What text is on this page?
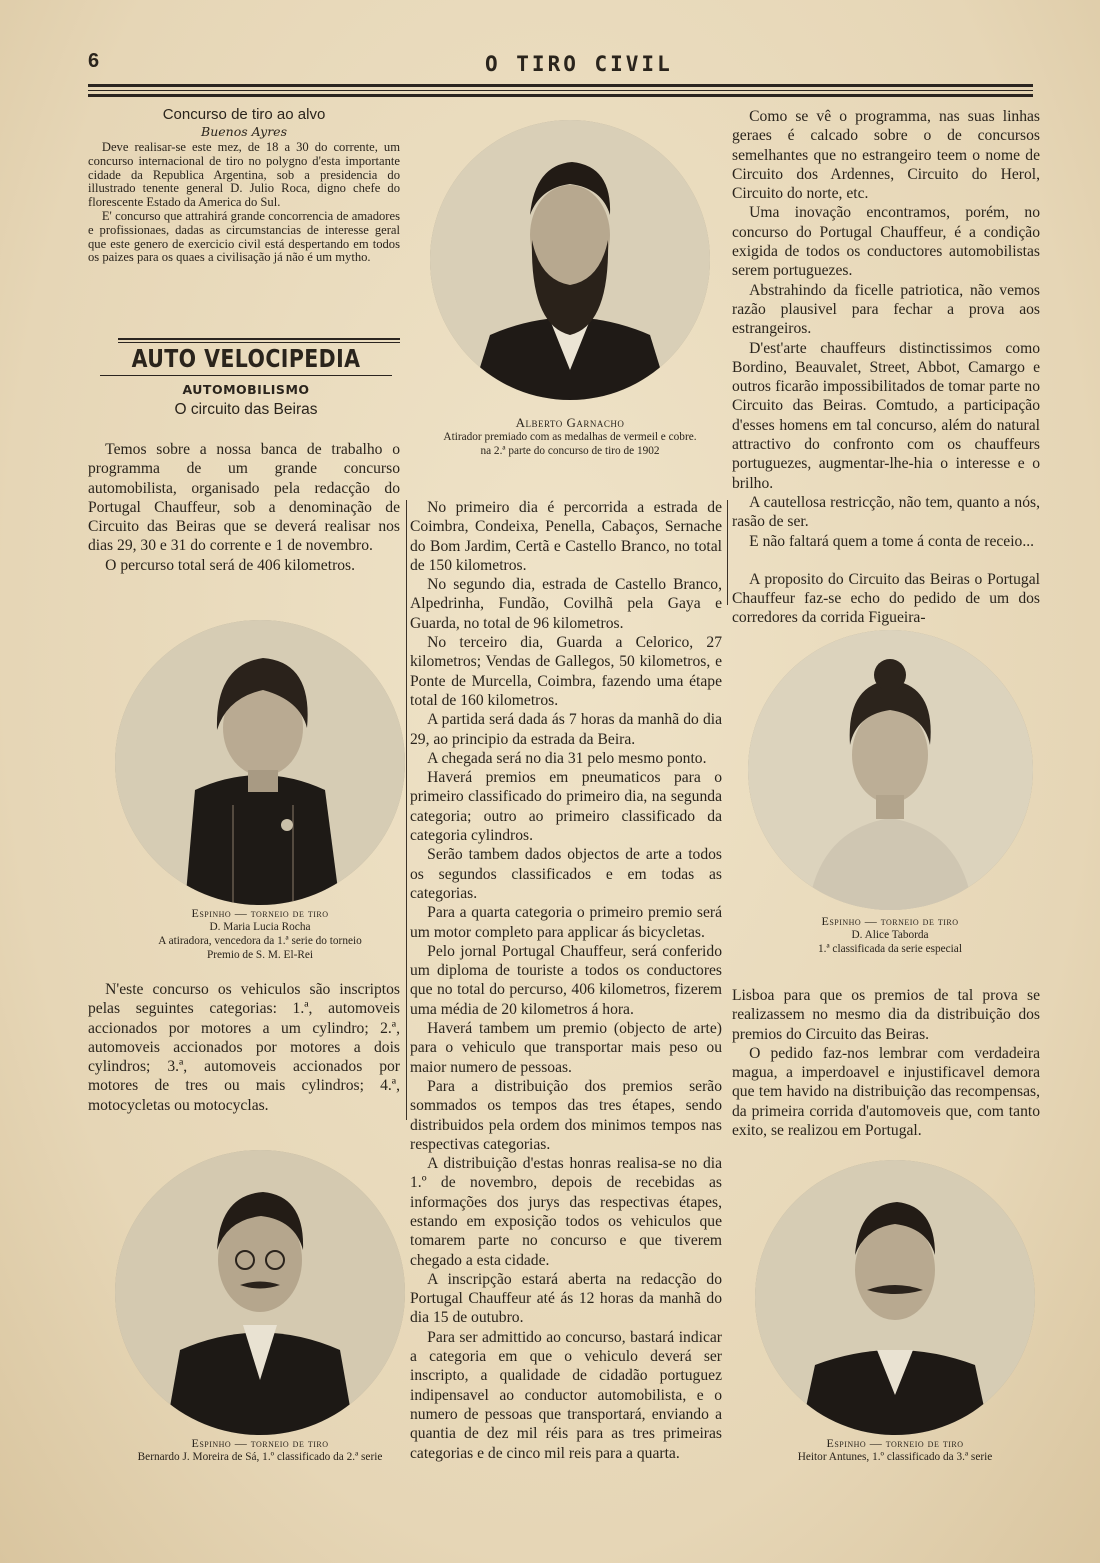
6	O TIRO CIVIL
Concurso de tiro ao alvo
Buenos Ayres

Deve realisar-se este mez, de 18 a 30 do corrente, um concurso internacional de tiro no polygno d'esta importante cidade da Republica Argentina, sob a presidencia do illustrado tenente general D. Julio Roca, digno chefe do florescente Estado da America do Sul.

E' concurso que attrahirá grande concorrencia de amadores e profissionaes, dadas as circumstancias de interesse geral que este genero de exercicio civil está despertando em todos os paizes para os quaes a civilisação já não é um mytho.

AUTO VELOCIPEDIA
AUTOMOBILISMO
O circuito das Beiras

Temos sobre a nossa banca de trabalho o programma de um grande concurso automobilista, organisado pela redacção do Portugal Chauffeur, sob a denominação de Circuito das Beiras que se deverá realisar nos dias 29, 30 e 31 do corrente e 1 de novembro.

O percurso total será de 406 kilometros.

Espinho — torneio de tiro
D. Maria Lucia Rocha
A atiradora, vencedora da 1.ª serie do torneio
Premio de S. M. El-Rei

N'este concurso os vehiculos são inscriptos pelas seguintes categorias: 1.ª, automoveis accionados por motores a um cylindro; 2.ª, automoveis accionados por motores a dois cylindros; 3.ª, automoveis accionados por motores de tres ou mais cylindros; 4.ª, motocycletas ou motocyclas.

Espinho — torneio de tiro
Bernardo J. Moreira de Sá, 1.º classificado da 2.ª serie
Alberto Garnacho
Atirador premiado com as medalhas de vermeil e cobre.
na 2.ª parte do concurso de tiro de 1902

No primeiro dia é percorrida a estrada de Coimbra, Condeixa, Penella, Cabaços, Sernache do Bom Jardim, Certã e Castello Branco, no total de 150 kilometros.

No segundo dia, estrada de Castello Branco, Alpedrinha, Fundão, Covilhã pela Gaya e Guarda, no total de 96 kilometros.

No terceiro dia, Guarda a Celorico, 27 kilometros; Vendas de Gallegos, 50 kilometros, e Ponte de Murcella, Coimbra, fazendo uma étape total de 160 kilometros.

A partida será dada ás 7 horas da manhã do dia 29, ao principio da estrada da Beira.

A chegada será no dia 31 pelo mesmo ponto.

Haverá premios em pneumaticos para o primeiro classificado do primeiro dia, na segunda categoria; outro ao primeiro classificado da categoria cylindros.

Serão tambem dados objectos de arte a todos os segundos classificados e em todas as categorias.

Para a quarta categoria o primeiro premio será um motor completo para applicar ás bicycletas.

Pelo jornal Portugal Chauffeur, será conferido um diploma de touriste a todos os conductores que no total do percurso, 406 kilometros, fizerem uma média de 20 kilometros á hora.

Haverá tambem um premio (objecto de arte) para o vehiculo que transportar mais peso ou maior numero de pessoas.

Para a distribuição dos premios serão sommados os tempos das tres étapes, sendo distribuidos pela ordem dos minimos tempos nas respectivas categorias.

A distribuição d'estas honras realisa-se no dia 1.º de novembro, depois de recebidas as informações dos jurys das respectivas étapes, estando em exposição todos os vehiculos que tomarem parte no concurso e que tiverem chegado a esta cidade.

A inscripção estará aberta na redacção do Portugal Chauffeur até ás 12 horas da manhã do dia 15 de outubro.

Para ser admittido ao concurso, bastará indicar a categoria em que o vehiculo deverá ser inscripto, a qualidade de cidadão portuguez indipensavel ao conductor automobilista, e o numero de pessoas que transportará, enviando a quantia de dez mil réis para as tres primeiras categorias e de cinco mil reis para a quarta.

Como se vê o programma, nas suas linhas geraes é calcado sobre o de concursos semelhantes que no estrangeiro teem o nome de Circuito dos Ardennes, Circuito do Herol, Circuito do norte, etc.

Uma inovação encontramos, porém, no concurso do Portugal Chauffeur, é a condição exigida de todos os conductores automobilistas serem portuguezes.

Abstrahindo da ficelle patriotica, não vemos razão plausivel para fechar a prova aos estrangeiros.

D'est'arte chauffeurs distinctissimos como Bordino, Beauvalet, Street, Abbot, Camargo e outros ficarão impossibilitados de tomar parte no Circuito das Beiras. Comtudo, a participação d'esses homens em tal concurso, além do natural attractivo do confronto com os chauffeurs portuguezes, augmentar-lhe-hia o interesse e o brilho.

A cautellosa restricção, não tem, quanto a nós, rasão de ser.

E não faltará quem a tome á conta de receio...

A proposito do Circuito das Beiras o Portugal Chauffeur faz-se echo do pedido de um dos corredores da corrida Figueira-

Espinho — torneio de tiro
D. Alice Taborda
1.ª classificada da serie especial

Lisboa para que os premios de tal prova se realizassem no mesmo dia da distribuição dos premios do Circuito das Beiras.

O pedido faz-nos lembrar com verdadeira magua, a imperdoavel e injustificavel demora que tem havido na distribuição das recompensas, da primeira corrida d'automoveis que, com tanto exito, se realizou em Portugal.

Espinho — torneio de tiro
Heitor Antunes, 1.º classificado da 3.ª serie
